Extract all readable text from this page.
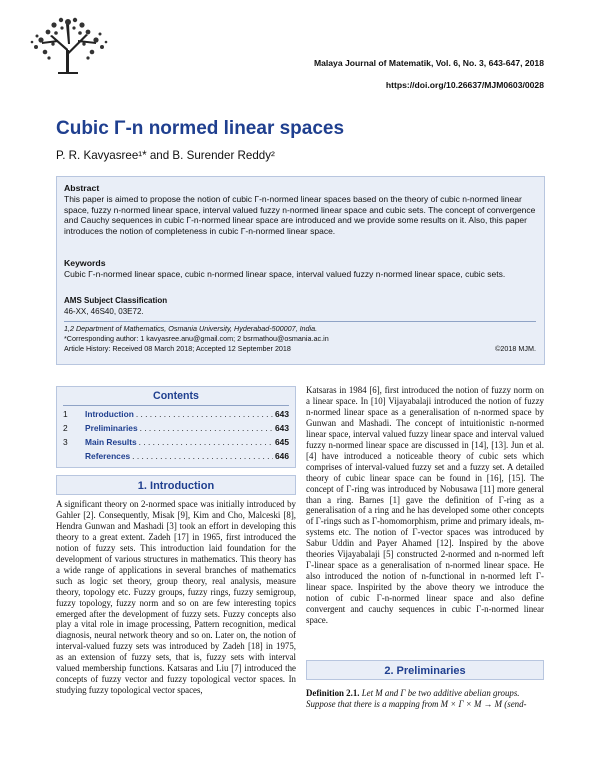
Malaya Journal of Matematik, Vol. 6, No. 3, 643-647, 2018
https://doi.org/10.26637/MJM0603/0028
Cubic Γ-n normed linear spaces
P. R. Kavyasree¹* and B. Surender Reddy²
Abstract
This paper is aimed to propose the notion of cubic Γ-n-normed linear spaces based on the theory of cubic n-normed linear space, fuzzy n-normed linear space, interval valued fuzzy n-normed linear space and cubic sets. The concept of convergence and Cauchy sequences in cubic Γ-n-normed linear space are introduced and we provide some results on it. Also, this paper introduces the notion of completeness in cubic Γ-n-normed linear space.
Keywords
Cubic Γ-n-normed linear space, cubic n-normed linear space, interval valued fuzzy n-normed linear space, cubic sets.
AMS Subject Classification
46-XX, 46S40, 03E72.
1,2 Department of Mathematics, Osmania University, Hyderabad-500007, India.
*Corresponding author: 1 kavyasree.anu@gmail.com; 2 bsrmathou@osmania.ac.in
Article History: Received 08 March 2018; Accepted 12 September 2018	©2018 MJM.
Contents
1	Introduction . . .	643
2	Preliminaries . . .	643
3	Main Results . . .	645
References . . .	646
1. Introduction

A significant theory on 2-normed space was initially introduced by Gahler [2]. Consequently, Misak [9], Kim and Cho, Malceski [8], Hendra Gunwan and Mashadi [3] took an effort in developing this theory to a great extent. Zadeh [17] in 1965, first introduced the notion of fuzzy sets. This introduction laid foundation for the development of various structures in mathematics. This theory has a wide range of applications in several branches of mathematics such as logic set theory, group theory, real analysis, measure theory, topology etc. Fuzzy groups, fuzzy rings, fuzzy semigroup, fuzzy topology, fuzzy norm and so on are few interesting topics emerged after the development of fuzzy sets. Fuzzy concepts also play a vital role in image processing, Pattern recognition, medical diagnosis, neural network theory and so on. Later on, the notion of interval-valued fuzzy sets was introduced by Zadeh [18] in 1975, as an extension of fuzzy sets, that is, fuzzy sets with interval valued membership functions. Katsaras and Liu [7] introduced the concepts of fuzzy vector and fuzzy topological vector spaces. In studying fuzzy topological vector spaces,

Katsaras in 1984 [6], first introduced the notion of fuzzy norm on a linear space. In [10] Vijayabalaji introduced the notion of fuzzy n-normed linear space as a generalisation of n-normed space by Gunwan and Mashadi. The concept of intuitionistic n-normed linear space, interval valued fuzzy linear space and interval valued fuzzy n-normed linear space are discussed in [14], [13]. Jun et al.[4] have introduced a noticeable theory of cubic sets which comprises of interval-valued fuzzy set and a fuzzy set. A detailed theory of cubic linear space can be found in [16], [15]. The concept of Γ-ring was introduced by Nobusawa [11] more general than a ring. Barnes [1] gave the definition of Γ-ring as a generalisation of a ring and he has developed some other concepts of Γ-rings such as Γ-homomorphism, prime and primary ideals, m-systems etc. The notion of Γ-vector spaces was introduced by Sabur Uddin and Payer Ahamed [12]. Inspired by the above theories Vijayabalaji [5] constructed 2-normed and n-normed left Γ-linear space as a generalisation of n-normed linear space. He also introduced the notion of n-functional in n-normed left Γ-linear space. Inspirited by the above theory we introduce the notion of cubic Γ-n-normed linear space and also define convergent and cauchy sequences in cubic Γ-n-normed linear space.

2. Preliminaries
Definition 2.1. Let M and Γ be two additive abelian groups. Suppose that there is a mapping from M × Γ × M → M (send-
